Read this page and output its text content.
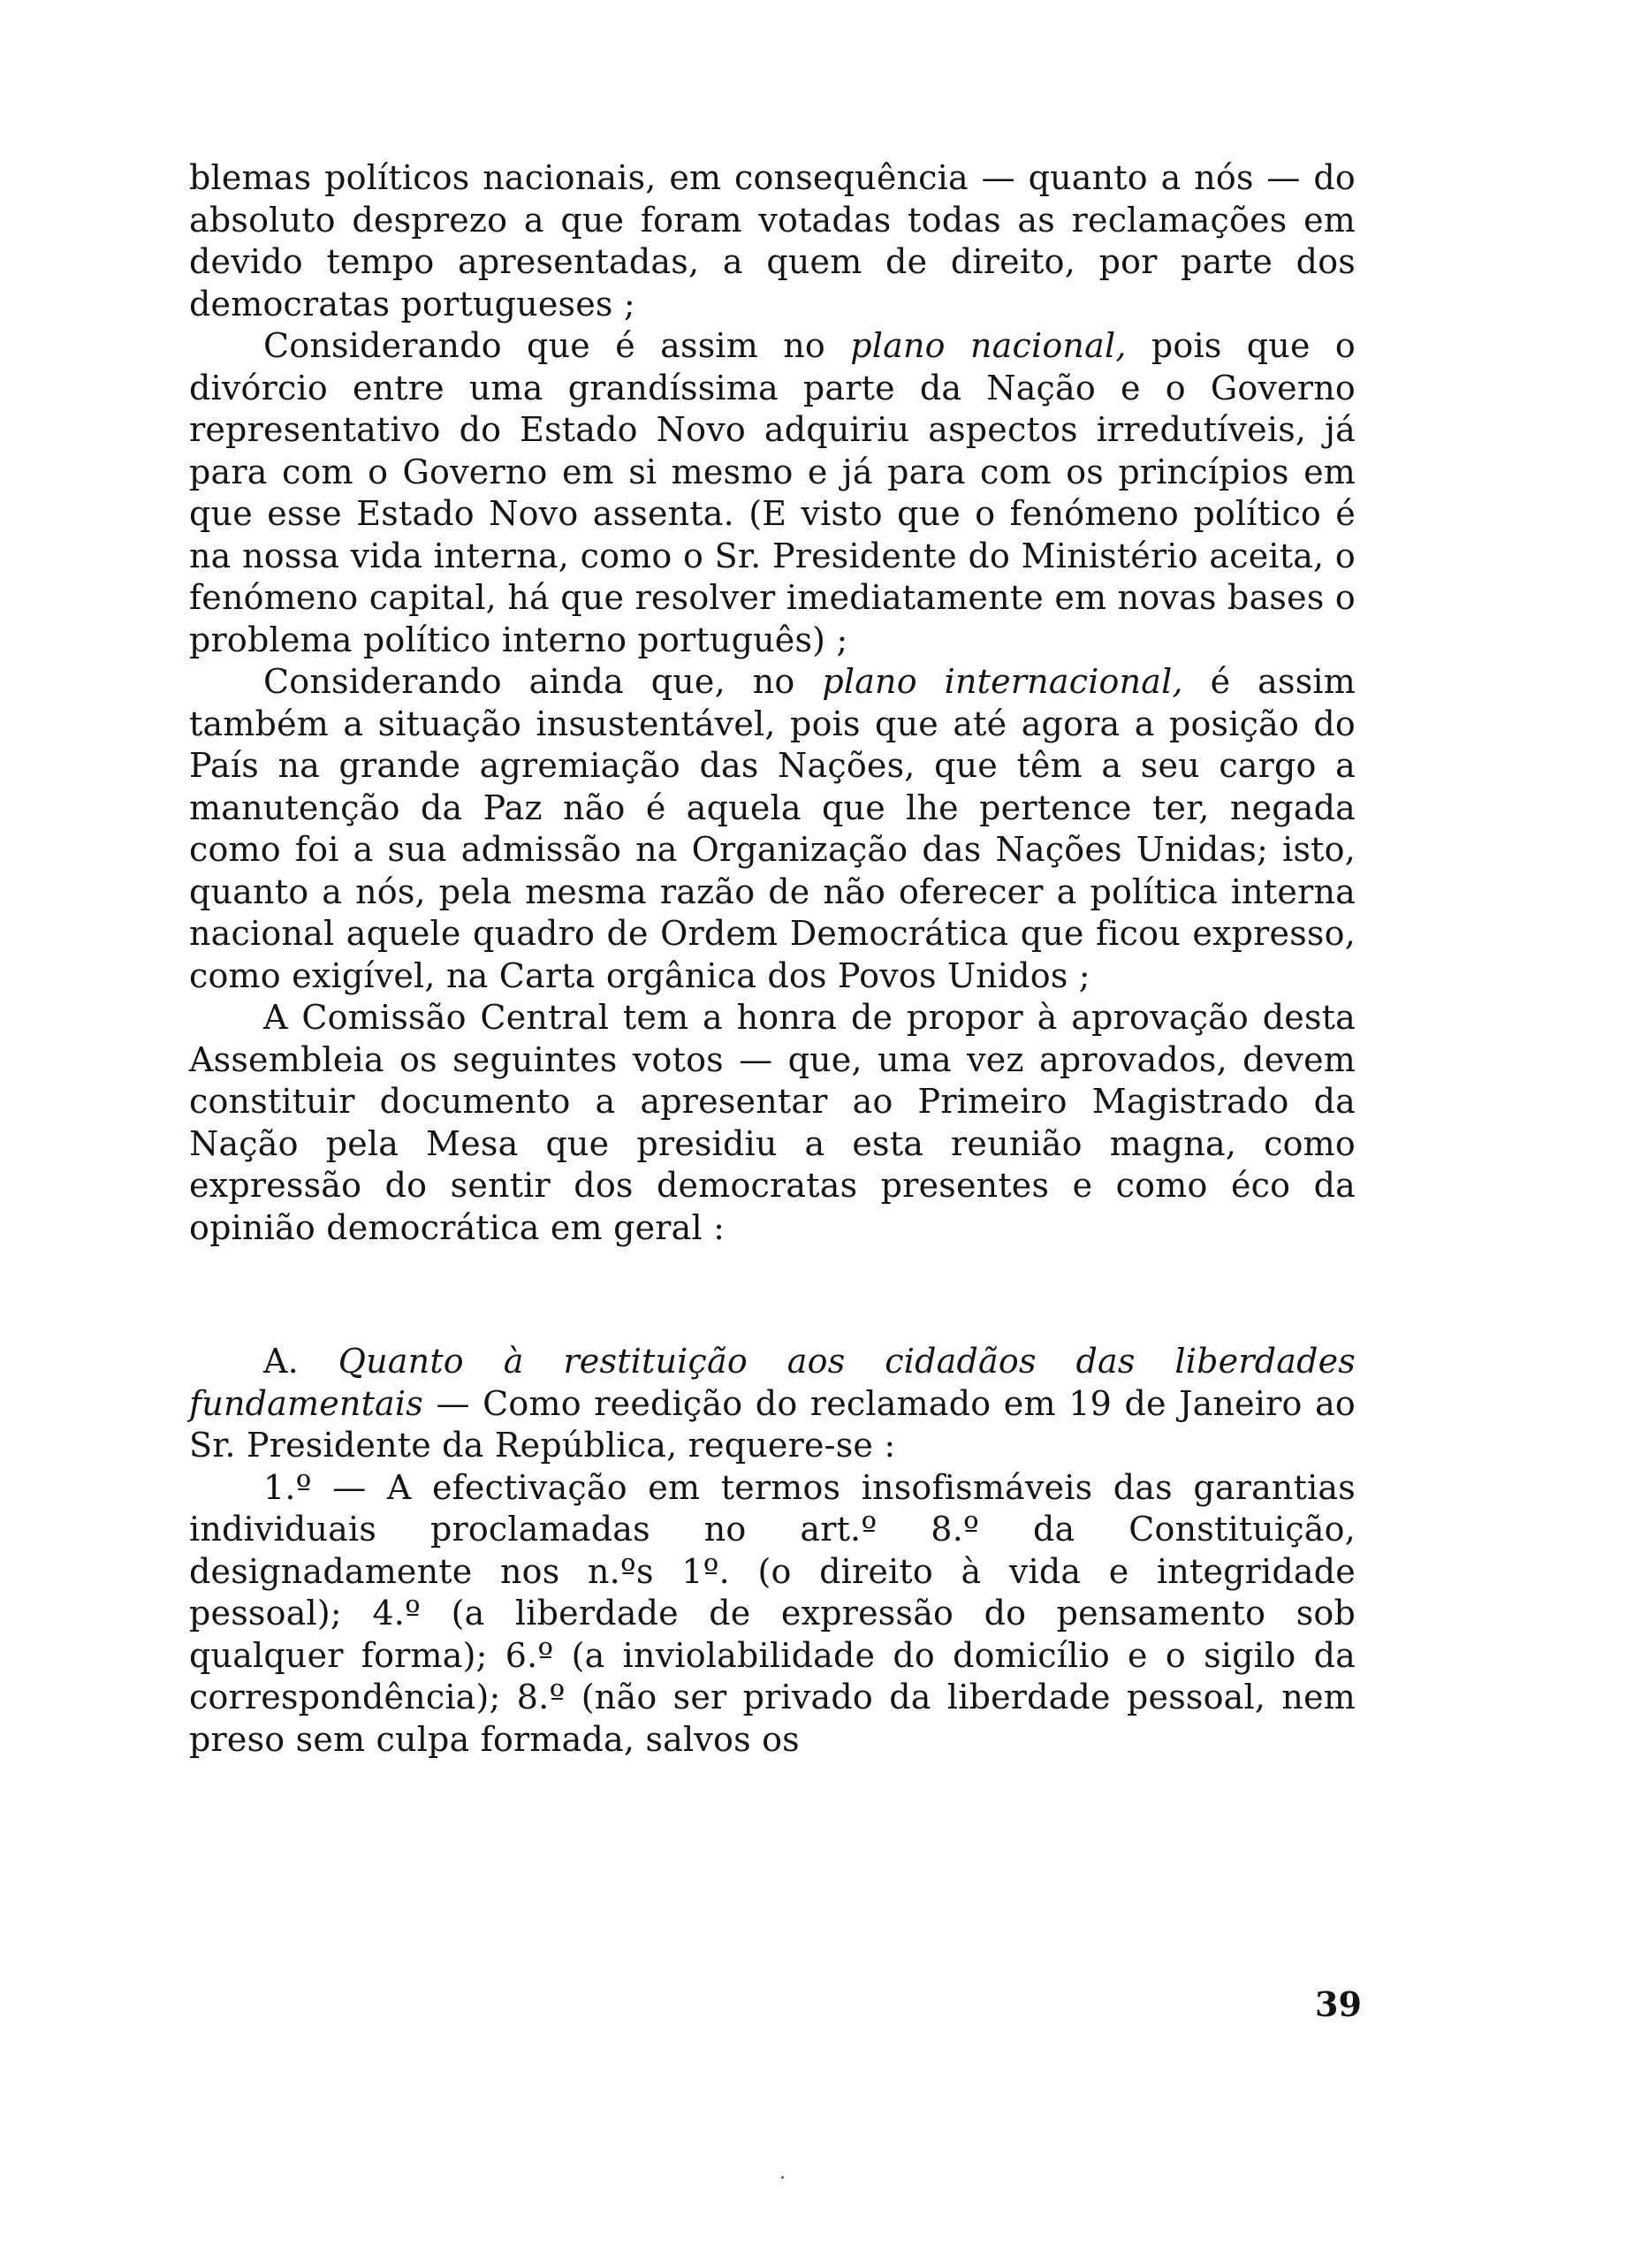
blemas políticos nacionais, em consequência — quanto a nós — do absoluto desprezo a que foram votadas todas as reclamações em devido tempo apresentadas, a quem de direito, por parte dos democratas portugueses ;

Considerando que é assim no plano nacional, pois que o divórcio entre uma grandíssima parte da Nação e o Governo representativo do Estado Novo adquiriu aspectos irredutíveis, já para com o Governo em si mesmo e já para com os princípios em que esse Estado Novo assenta. (E visto que o fenómeno político é na nossa vida interna, como o Sr. Presidente do Ministério aceita, o fenómeno capital, há que resolver imediatamente em novas bases o problema político interno português) ;

Considerando ainda que, no plano internacional, é assim também a situação insustentável, pois que até agora a posição do País na grande agremiação das Nações, que têm a seu cargo a manutenção da Paz não é aquela que lhe pertence ter, negada como foi a sua admissão na Organização das Nações Unidas; isto, quanto a nós, pela mesma razão de não oferecer a política interna nacional aquele quadro de Ordem Democrática que ficou expresso, como exigível, na Carta orgânica dos Povos Unidos ;

A Comissão Central tem a honra de propor à aprovação desta Assembleia os seguintes votos — que, uma vez aprovados, devem constituir documento a apresentar ao Primeiro Magistrado da Nação pela Mesa que presidiu a esta reunião magna, como expressão do sentir dos democratas presentes e como éco da opinião democrática em geral :

A. Quanto à restituição aos cidadãos das liberdades fundamentais — Como reedição do reclamado em 19 de Janeiro ao Sr. Presidente da República, requere-se :

1.º — A efectivação em termos insofismáveis das garantias individuais proclamadas no art.º 8.º da Constituição, designadamente nos n.ºs 1º. (o direito à vida e integridade pessoal); 4.º (a liberdade de expressão do pensamento sob qualquer forma); 6.º (a inviolabilidade do domicílio e o sigilo da correspondência); 8.º (não ser privado da liberdade pessoal, nem preso sem culpa formada, salvos os

39
